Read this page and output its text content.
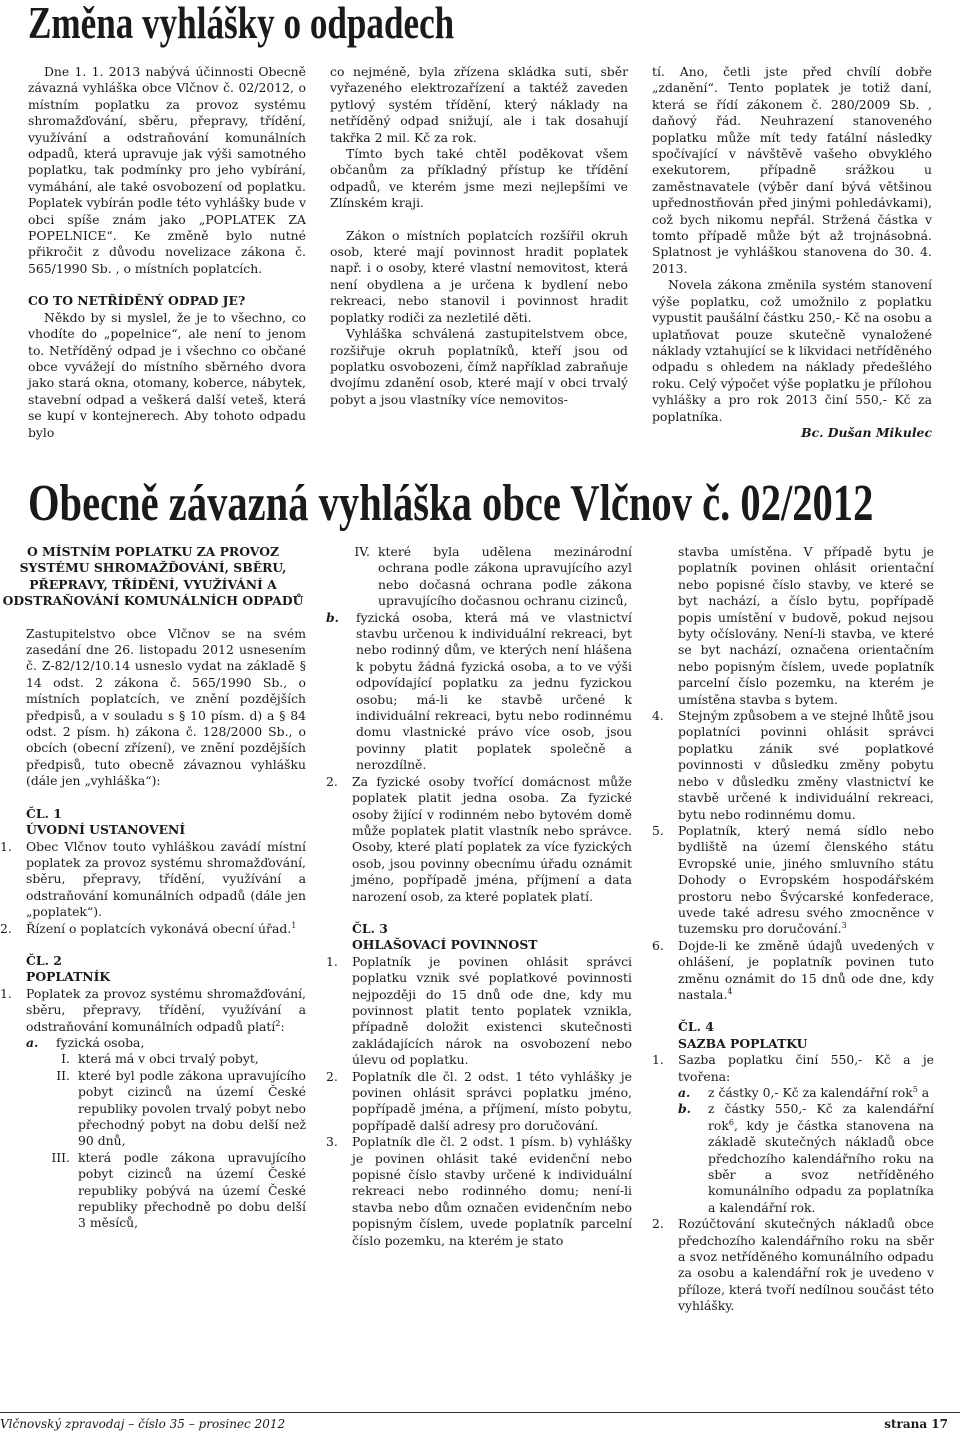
Změna vyhlášky o odpadech

Dne 1. 1. 2013 nabývá účinnosti Obecně závazná vyhláška obce Vlčnov č. 02/2012, o místním poplatku za provoz systému shromažďování, sběru, přepravy, třídění, využívání a odstraňování komunálních odpadů, která upravuje jak výši samotného poplatku, tak podmínky pro jeho vybírání, vymáhání, ale také osvobození od poplatku. Poplatek vybírán podle této vyhlášky bude v obci spíše znám jako „POPLATEK ZA POPELNICE“. Ke změně bylo nutné přikročit z důvodu novelizace zákona č. 565/1990 Sb. , o místních poplatcích.

CO TO NETŘÍDĚNÝ ODPAD JE?

Někdo by si myslel, že je to všechno, co vhodíte do „popelnice“, ale není to jenom to. Netříděný odpad je i všechno co občané obce vyvážejí do místního sběrného dvora jako stará okna, otomany, koberce, nábytek, stavební odpad a veškerá další veteš, která se kupí v kontejnerech. Aby tohoto odpadu bylo

co nejméně, byla zřízena skládka suti, sběr vyřazeného elektrozařízení a taktéž zaveden pytlový systém třídění, který náklady na netříděný odpad snižují, ale i tak dosahují takřka 2 mil. Kč za rok.

Tímto bych také chtěl poděkovat všem občanům za příkladný přístup ke třídění odpadů, ve kterém jsme mezi nejlepšími ve Zlínském kraji.

Zákon o místních poplatcích rozšířil okruh osob, které mají povinnost hradit poplatek např. i o osoby, které vlastní nemovitost, která není obydlena a je určena k bydlení nebo rekreaci, nebo stanovil i povinnost hradit poplatky rodiči za nezletilé děti.

Vyhláška schválená zastupitelstvem obce, rozšiřuje okruh poplatníků, kteří jsou od poplatku osvobozeni, čímž například zabraňuje dvojímu zdanění osob, které mají v obci trvalý pobyt a jsou vlastníky více nemovitos-

tí. Ano, četli jste před chvílí dobře „zdanění“. Tento poplatek je totiž daní, která se řídí zákonem č. 280/2009 Sb. , daňový řád. Neuhrazení stanoveného poplatku může mít tedy fatální následky spočívající v návštěvě vašeho obvyklého exekutorem, případně srážkou u zaměstnavatele (výběr daní bývá většinou upřednostňován před jinými pohledávkami), což bych nikomu nepřál. Stržená částka v tomto případě může být až trojnásobná. Splatnost je vyhláškou stanovena do 30. 4. 2013.

Novela zákona změnila systém stanovení výše poplatku, což umožnilo z poplatku vypustit paušální částku 250,- Kč na osobu a uplatňovat pouze skutečně vynaložené náklady vztahující se k likvidaci netříděného odpadu s ohledem na náklady předešlého roku. Celý výpočet výše poplatku je přílohou vyhlášky a pro rok 2013 činí 550,- Kč za poplatníka.

Bc. Dušan Mikulec

Obecně závazná vyhláška obce Vlčnov č. 02/2012

O MÍSTNÍM POPLATKU ZA PROVOZ SYSTÉMU SHROMAŽĎOVÁNÍ, SBĚRU, PŘEPRAVY, TŘÍDĚNÍ, VYUŽÍVÁNÍ A ODSTRAŇOVÁNÍ KOMUNÁLNÍCH ODPADŮ

Zastupitelstvo obce Vlčnov se na svém zasedání dne 26. listopadu 2012 usnesením č. Z-82/12/10.14 usneslo vydat na základě § 14 odst. 2 zákona č. 565/1990 Sb., o místních poplatcích, ve znění pozdějších předpisů, a v souladu s § 10 písm. d) a § 84 odst. 2 písm. h) zákona č. 128/2000 Sb., o obcích (obecní zřízení), ve znění pozdějších předpisů, tuto obecně závaznou vyhlášku (dále jen „vyhláška“):

ČL. 1

ÚVODNÍ USTANOVENÍ

1.	Obec Vlčnov touto vyhláškou zavádí místní poplatek za provoz systému shromažďování, sběru, přepravy, třídění, využívání a odstraňování komunálních odpadů (dále jen „poplatek“).
2.	Řízení o poplatcích vykonává obecní úřad.$^1$

ČL. 2

POPLATNÍK

1.	Poplatek za provoz systému shromažďování, sběru, přepravy, třídění, využívání a odstraňování komunálních odpadů platí$^2$:
a.	fyzická osoba,
I. která má v obci trvalý pobyt,
II. které byl podle zákona upravujícího pobyt cizinců na území České republiky povolen trvalý pobyt nebo přechodný pobyt na dobu delší než 90 dnů,
III. která podle zákona upravujícího pobyt cizinců na území České republiky pobývá na území České republiky přechodně po dobu delší 3 měsíců,
IV. které byla udělena mezinárodní ochrana podle zákona upravujícího azyl nebo dočasná ochrana podle zákona upravujícího dočasnou ochranu cizinců,
b.	fyzická osoba, která má ve vlastnictví stavbu určenou k individuální rekreaci, byt nebo rodinný dům, ve kterých není hlášena k pobytu žádná fyzická osoba, a to ve výši odpovídající poplatku za jednu fyzickou osobu; má-li ke stavbě určené k individuální rekreaci, bytu nebo rodinnému domu vlastnické právo více osob, jsou povinny platit poplatek společně a nerozdílně.
2.	Za fyzické osoby tvořící domácnost může poplatek platit jedna osoba. Za fyzické osoby žijící v rodinném nebo bytovém domě může poplatek platit vlastník nebo správce. Osoby, které platí poplatek za více fyzických osob, jsou povinny obecnímu úřadu oznámit jméno, popřípadě jména, příjmení a data narození osob, za které poplatek platí.

ČL. 3

OHLAŠOVACÍ POVINNOST

1.	Poplatník je povinen ohlásit správci poplatku vznik své poplatkové povinnosti nejpozději do 15 dnů ode dne, kdy mu povinnost platit tento poplatek vznikla, případně doložit existenci skutečnosti zakládajících nárok na osvobození nebo úlevu od poplatku.
2.	Poplatník dle čl. 2 odst. 1 této vyhlášky je povinen ohlásit správci poplatku jméno, popřípadě jména, a příjmení, místo pobytu, popřípadě další adresy pro doručování.
3.	Poplatník dle čl. 2 odst. 1 písm. b) vyhlášky je povinen ohlásit také evidenční nebo popisné číslo stavby určené k individuální rekreaci nebo rodinného domu; není-li stavba nebo dům označen evidenčním nebo popisným číslem, uvede poplatník parcelní číslo pozemku, na kterém je stato

stavba umístěna. V případě bytu je poplatník povinen ohlásit orientační nebo popisné číslo stavby, ve které se byt nachází, a číslo bytu, popřípadě popis umístění v budově, pokud nejsou byty očíslovány. Není-li stavba, ve které se byt nachází, označena orientačním nebo popisným číslem, uvede poplatník parcelní číslo pozemku, na kterém je umístěna stavba s bytem.

4.	Stejným způsobem a ve stejné lhůtě jsou poplatníci povinni ohlásit správci poplatku zánik své poplatkové povinnosti v důsledku změny pobytu nebo v důsledku změny vlastnictví ke stavbě určené k individuální rekreaci, bytu nebo rodinnému domu.
5.	Poplatník, který nemá sídlo nebo bydliště na území členského státu Evropské unie, jiného smluvního státu Dohody o Evropském hospodářském prostoru nebo Švýcarské konfederace, uvede také adresu svého zmocněnce v tuzemsku pro doručování.$^3$
6.	Dojde-li ke změně údajů uvedených v ohlášení, je poplatník povinen tuto změnu oznámit do 15 dnů ode dne, kdy nastala.$^4$

ČL. 4

SAZBA POPLATKU

1.	Sazba poplatku činí 550,- Kč a je tvořena:
a.	z částky 0,- Kč za kalendářní rok$^5$ a
b.	z částky 550,- Kč za kalendářní rok$^6$, kdy je částka stanovena na základě skutečných nákladů obce předchozího kalendářního roku na sběr a svoz netříděného komunálního odpadu za poplatníka a kalendářní rok.
2.	Rozúčtování skutečných nákladů obce předchozího kalendářního roku na sběr a svoz netříděného komunálního odpadu za osobu a kalendářní rok je uvedeno v příloze, která tvoří nedílnou součást této vyhlášky.
Vlčnovský zpravodaj – číslo 35 – prosinec 2012	strana 17
